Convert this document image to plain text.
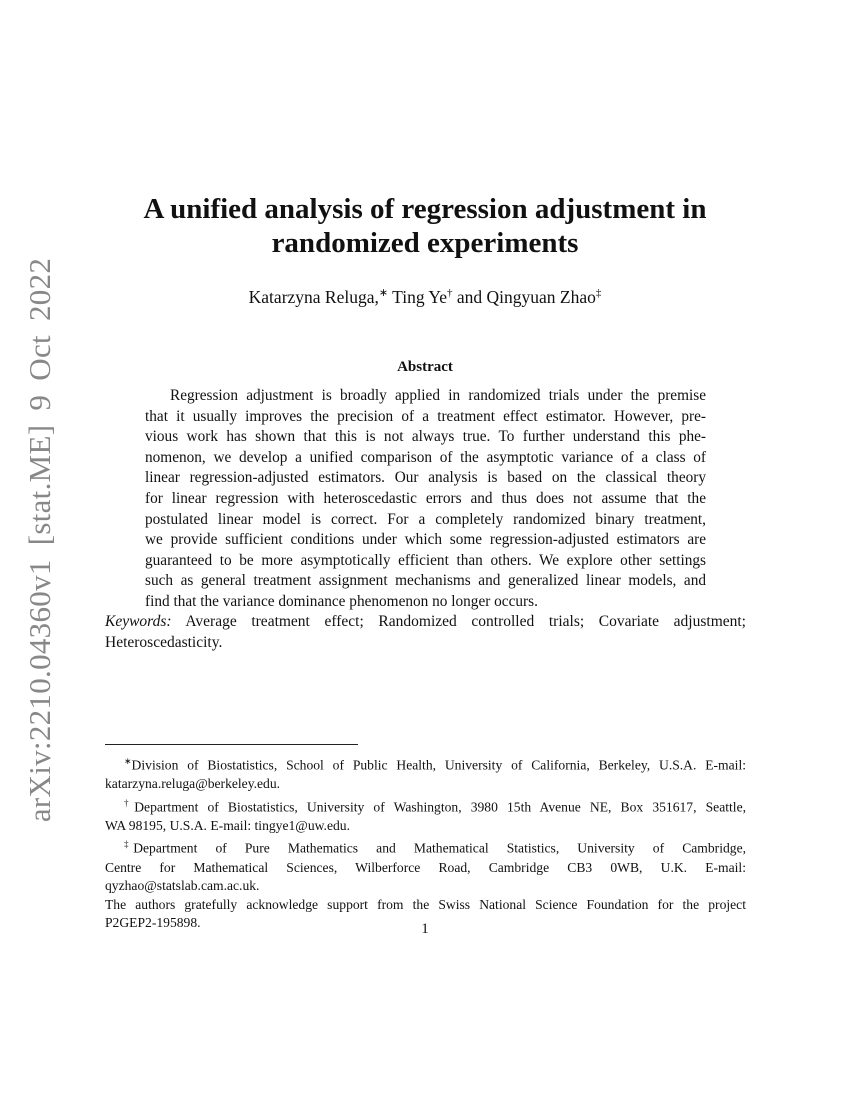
arXiv:2210.04360v1 [stat.ME] 9 Oct 2022
A unified analysis of regression adjustment in
randomized experiments
Katarzyna Reluga,∗ Ting Ye† and Qingyuan Zhao‡
Abstract
Regression adjustment is broadly applied in randomized trials under the premise
that it usually improves the precision of a treatment effect estimator. However, pre-
vious work has shown that this is not always true. To further understand this phe-
nomenon, we develop a unified comparison of the asymptotic variance of a class of
linear regression-adjusted estimators. Our analysis is based on the classical theory
for linear regression with heteroscedastic errors and thus does not assume that the
postulated linear model is correct. For a completely randomized binary treatment,
we provide sufficient conditions under which some regression-adjusted estimators are
guaranteed to be more asymptotically efficient than others. We explore other settings
such as general treatment assignment mechanisms and generalized linear models, and
find that the variance dominance phenomenon no longer occurs.
Keywords: Average treatment effect; Randomized controlled trials; Covariate adjustment;
Heteroscedasticity.
∗Division of Biostatistics, School of Public Health, University of California, Berkeley, U.S.A. E-mail:
katarzyna.reluga@berkeley.edu.
†Department of Biostatistics, University of Washington, 3980 15th Avenue NE, Box 351617, Seattle,
WA 98195, U.S.A. E-mail: tingye1@uw.edu.
‡Department of Pure Mathematics and Mathematical Statistics, University of Cambridge,
Centre for Mathematical Sciences, Wilberforce Road, Cambridge CB3 0WB, U.K. E-mail:
qyzhao@statslab.cam.ac.uk.
The authors gratefully acknowledge support from the Swiss National Science Foundation for the project
P2GEP2-195898.	1
